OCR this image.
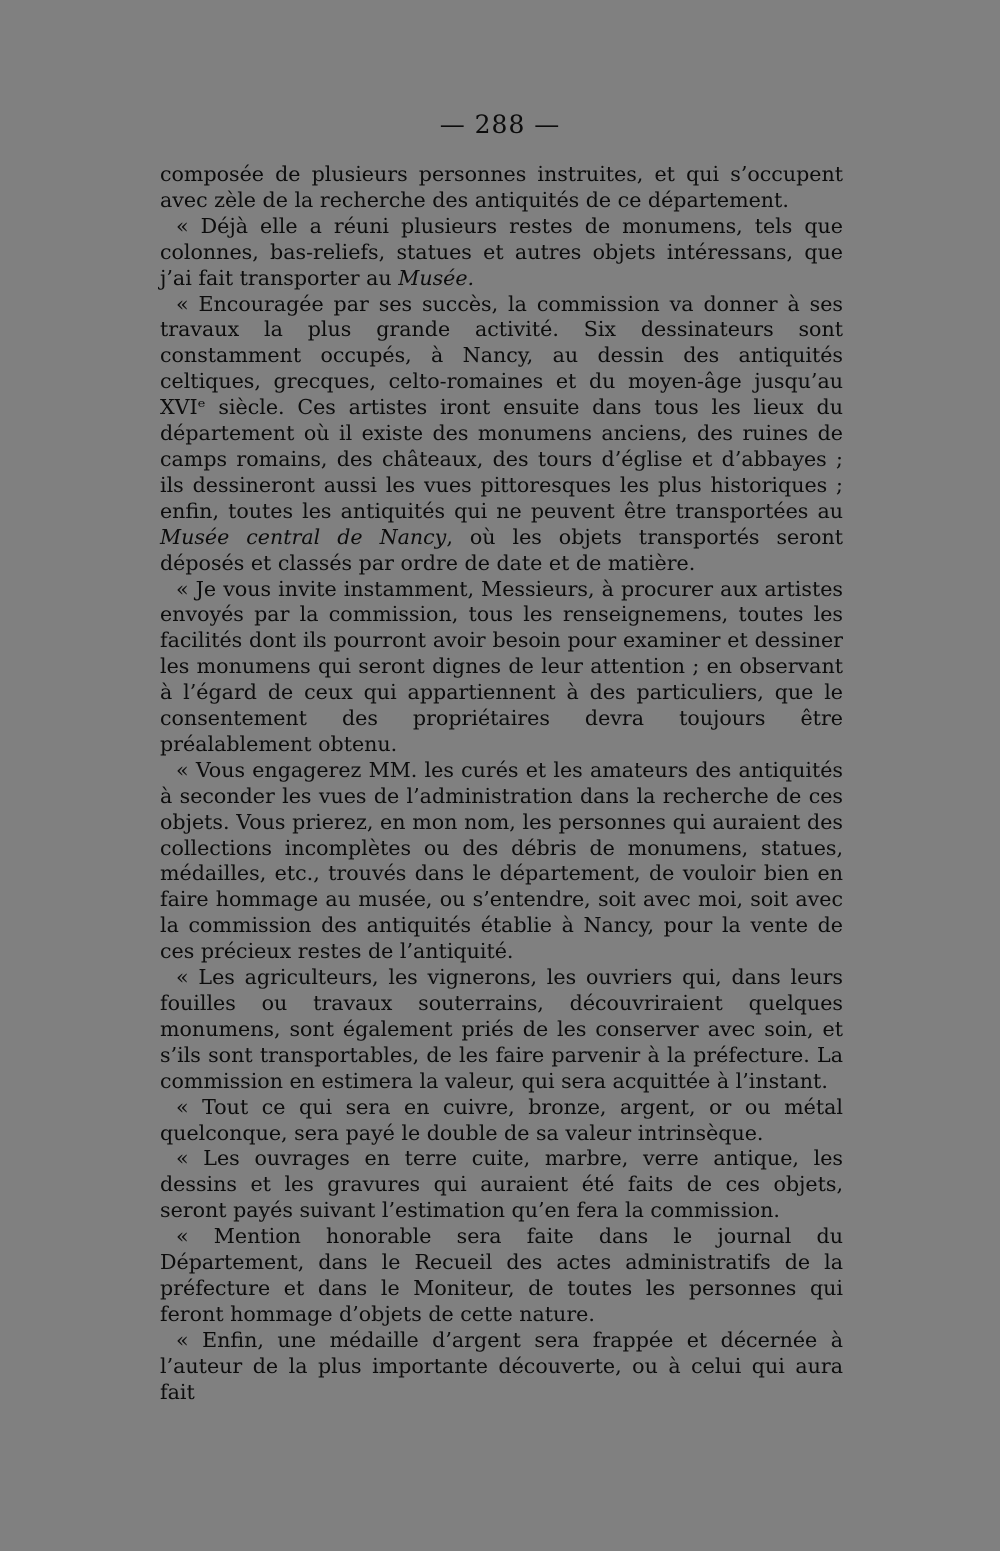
— 288 —

composée de plusieurs personnes instruites, et qui s’occupent avec zèle de la recherche des antiquités de ce département.

« Déjà elle a réuni plusieurs restes de monumens, tels que colonnes, bas-reliefs, statues et autres objets intéressans, que j’ai fait transporter au Musée.

« Encouragée par ses succès, la commission va donner à ses travaux la plus grande activité. Six dessinateurs sont constamment occupés, à Nancy, au dessin des antiquités celtiques, grecques, celto-romaines et du moyen-âge jusqu’au XVIᵉ siècle. Ces artistes iront ensuite dans tous les lieux du département où il existe des monumens anciens, des ruines de camps romains, des châteaux, des tours d’église et d’abbayes ; ils dessineront aussi les vues pittoresques les plus historiques ; enfin, toutes les antiquités qui ne peuvent être transportées au Musée central de Nancy, où les objets transportés seront déposés et classés par ordre de date et de matière.

« Je vous invite instamment, Messieurs, à procurer aux artistes envoyés par la commission, tous les renseignemens, toutes les facilités dont ils pourront avoir besoin pour examiner et dessiner les monumens qui seront dignes de leur attention ; en observant à l’égard de ceux qui appartiennent à des particuliers, que le consentement des propriétaires devra toujours être préalablement obtenu.

« Vous engagerez MM. les curés et les amateurs des antiquités à seconder les vues de l’administration dans la recherche de ces objets. Vous prierez, en mon nom, les personnes qui auraient des collections incomplètes ou des débris de monumens, statues, médailles, etc., trouvés dans le département, de vouloir bien en faire hommage au musée, ou s’entendre, soit avec moi, soit avec la commission des antiquités établie à Nancy, pour la vente de ces précieux restes de l’antiquité.

« Les agriculteurs, les vignerons, les ouvriers qui, dans leurs fouilles ou travaux souterrains, découvriraient quelques monumens, sont également priés de les conserver avec soin, et s’ils sont transportables, de les faire parvenir à la préfecture. La commission en estimera la valeur, qui sera acquittée à l’instant.

« Tout ce qui sera en cuivre, bronze, argent, or ou métal quelconque, sera payé le double de sa valeur intrinsèque.

« Les ouvrages en terre cuite, marbre, verre antique, les dessins et les gravures qui auraient été faits de ces objets, seront payés suivant l’estimation qu’en fera la commission.

« Mention honorable sera faite dans le journal du Département, dans le Recueil des actes administratifs de la préfecture et dans le Moniteur, de toutes les personnes qui feront hommage d’objets de cette nature.

« Enfin, une médaille d’argent sera frappée et décernée à l’auteur de la plus importante découverte, ou à celui qui aura fait
